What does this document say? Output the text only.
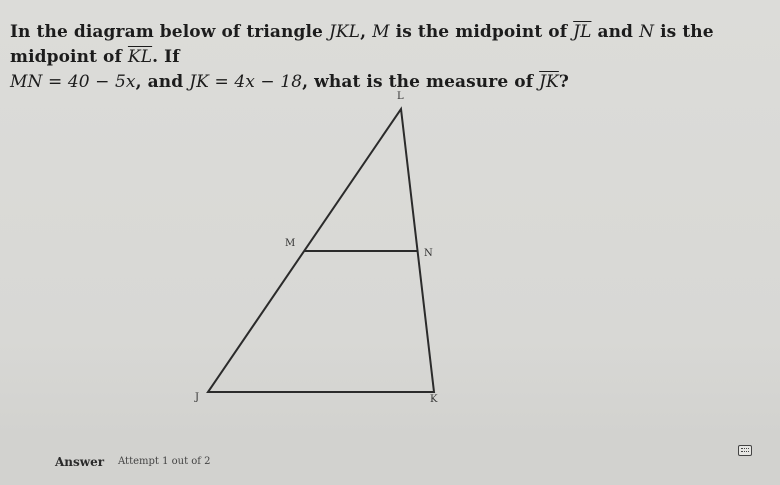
In the diagram below of triangle JKL, M is the midpoint of $\overline{JL}$ and N is the midpoint of $\overline{KL}$. If
MN = 40 − 5x, and JK = 4x − 18, what is the measure of $\overline{JK}$?
L
M
N
J	K
Answer Attempt 1 out of 2
